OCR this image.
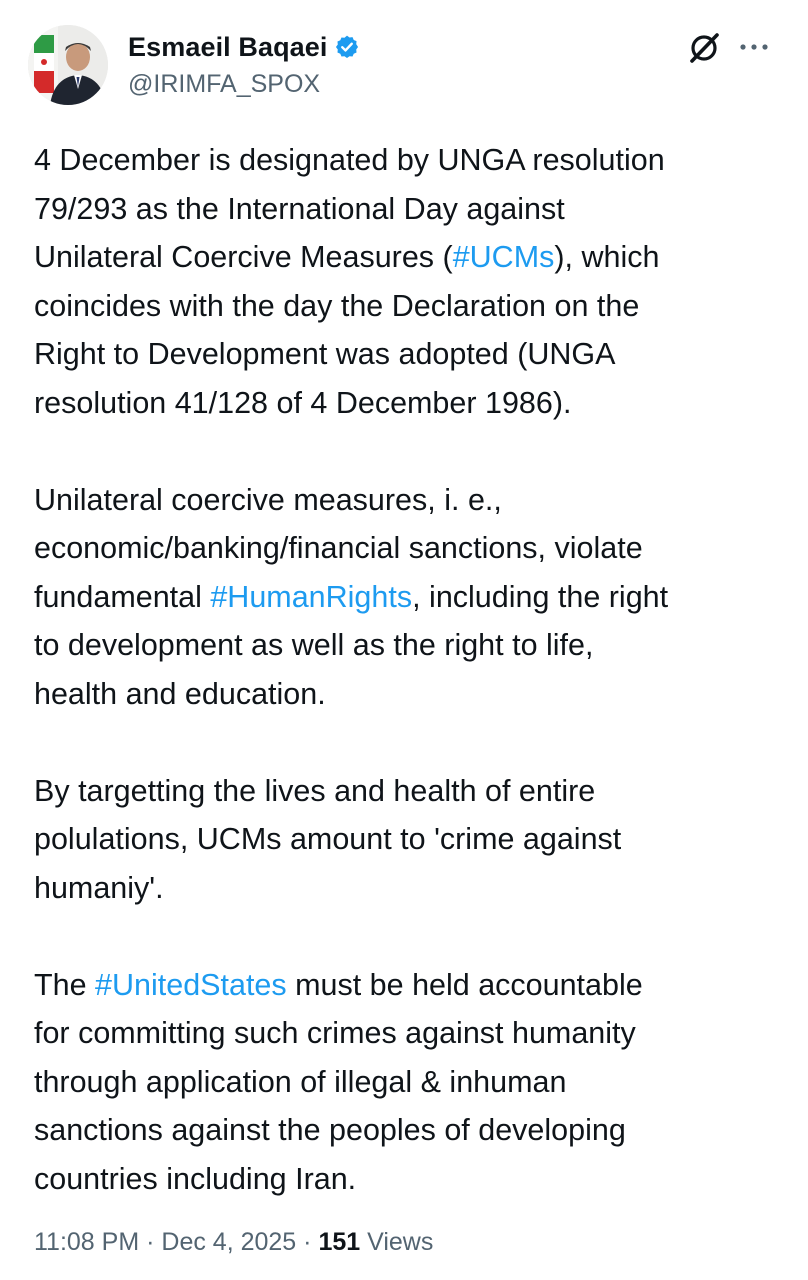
Esmaeil Baqaei
@IRIMFA_SPOX

4 December is designated by UNGA resolution
79/293 as the International Day against
Unilateral Coercive Measures (#UCMs), which
coincides with the day the Declaration on the
Right to Development was adopted (UNGA
resolution 41/128 of 4 December 1986).

Unilateral coercive measures, i. e.,
economic/banking/financial sanctions, violate
fundamental #HumanRights, including the right
to development as well as the right to life,
health and education.

By targetting the lives and health of entire
polulations, UCMs amount to 'crime against
humaniy'.

The #UnitedStates must be held accountable
for committing such crimes against humanity
through application of illegal & inhuman
sanctions against the peoples of developing
countries including Iran.

11:08 PM · Dec 4, 2025 · 151 Views
